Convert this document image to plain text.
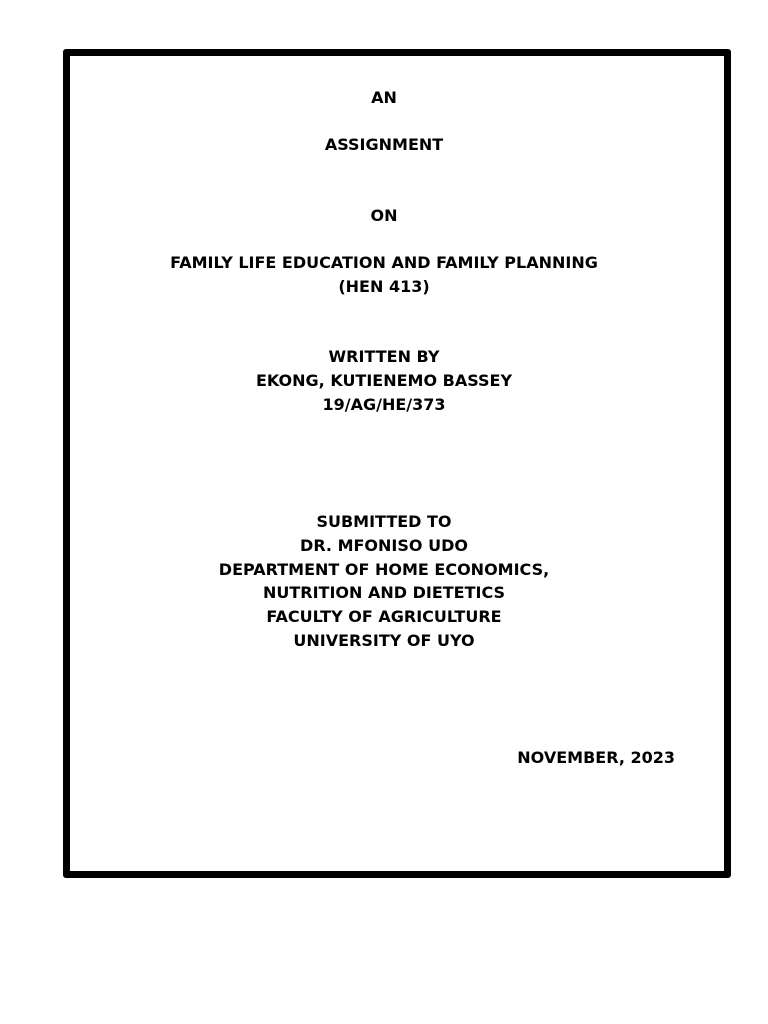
AN
ASSIGNMENT
ON
FAMILY LIFE EDUCATION AND FAMILY PLANNING
(HEN 413)
WRITTEN BY
EKONG, KUTIENEMO BASSEY
19/AG/HE/373
SUBMITTED TO
DR. MFONISO UDO
DEPARTMENT OF HOME ECONOMICS,
NUTRITION AND DIETETICS
FACULTY OF AGRICULTURE
UNIVERSITY OF UYO
NOVEMBER, 2023
